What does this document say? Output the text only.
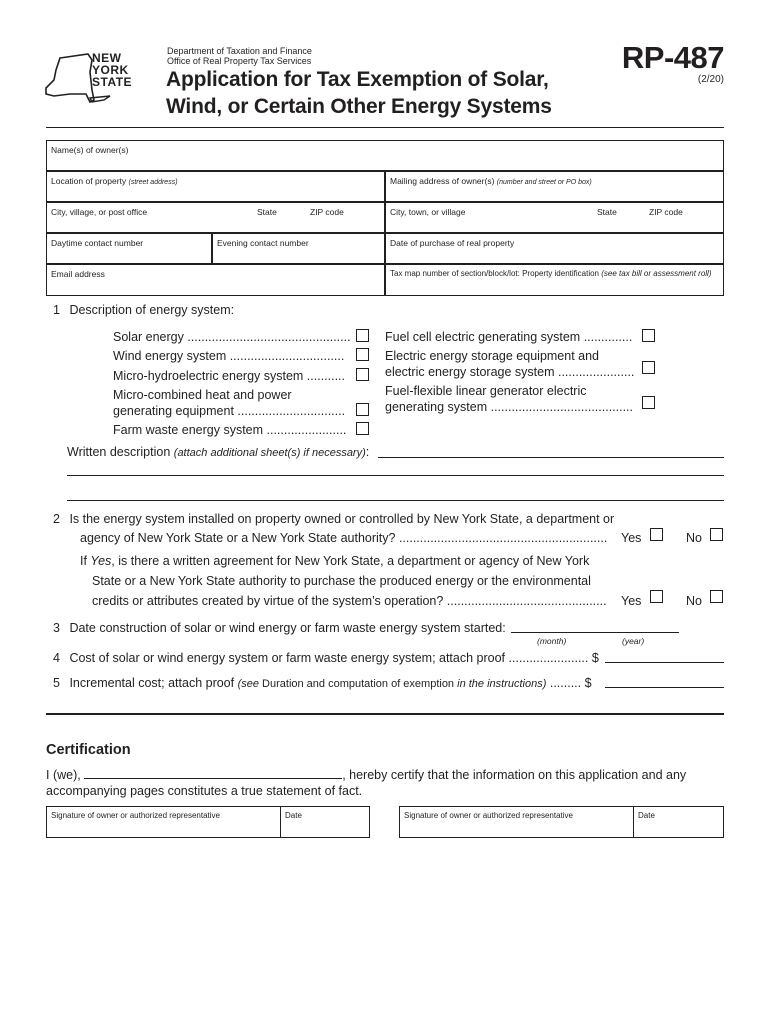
NEW YORK STATE
Department of Taxation and Finance
Office of Real Property Tax Services
Application for Tax Exemption of Solar,
Wind, or Certain Other Energy Systems
RP-487
(2/20)
Name(s) of owner(s)
Location of property (street address)	Mailing address of owner(s) (number and street or PO box)
City, village, or post office	State	ZIP code	City, town, or village	State	ZIP code
Daytime contact number	Evening contact number	Date of purchase of real property
Email address	Tax map number of section/block/lot: Property identification (see tax bill or assessment roll)
1 Description of energy system:
Solar energy ...............................................
Wind energy system .................................
Micro-hydroelectric energy system ...........
Micro-combined heat and power
generating equipment ...............................
Farm waste energy system .......................
Fuel cell electric generating system ..............
Electric energy storage equipment and
electric energy storage system ......................
Fuel-flexible linear generator electric
generating system .........................................
Written description (attach additional sheet(s) if necessary):
2 Is the energy system installed on property owned or controlled by New York State, a department or
agency of New York State or a New York State authority? ............................................................ Yes	No
If Yes, is there a written agreement for New York State, a department or agency of New York
State or a New York State authority to purchase the produced energy or the environmental
credits or attributes created by virtue of the system’s operation? .............................................. Yes	No
3 Date construction of solar or wind energy or farm waste energy system started:
(month)	(year)
4 Cost of solar or wind energy system or farm waste energy system; attach proof ....................... $
5 Incremental cost; attach proof (see Duration and computation of exemption in the instructions) ......... $
Certification
I (we),	, hereby certify that the information on this application and any
accompanying pages constitutes a true statement of fact.
Signature of owner or authorized representative	Date	Signature of owner or authorized representative	Date
